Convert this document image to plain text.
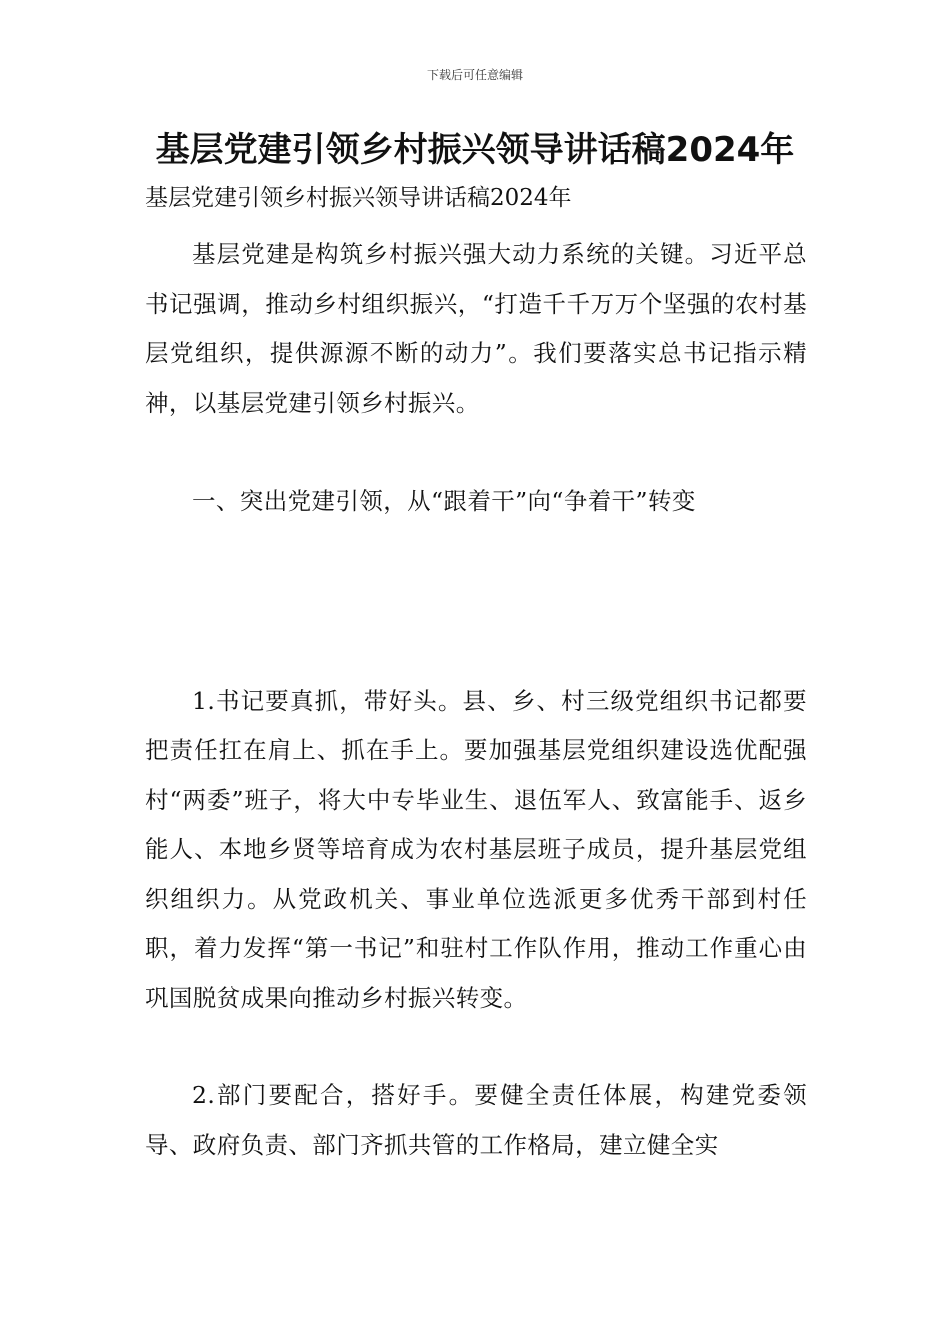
下载后可任意编辑
基层党建引领乡村振兴领导讲话稿2024年

基层党建引领乡村振兴领导讲话稿2024年

基层党建是构筑乡村振兴强大动力系统的关键。习近平总书记强调，推动乡村组织振兴，“打造千千万万个坚强的农村基层党组织，提供源源不断的动力”。我们要落实总书记指示精神，以基层党建引领乡村振兴。

一、突出党建引领，从“跟着干”向“争着干”转变

1.书记要真抓，带好头。县、乡、村三级党组织书记都要把责任扛在肩上、抓在手上。要加强基层党组织建设选优配强村“两委”班子，将大中专毕业生、退伍军人、致富能手、返乡能人、本地乡贤等培育成为农村基层班子成员，提升基层党组织组织力。从党政机关、事业单位选派更多优秀干部到村任职，着力发挥“第一书记”和驻村工作队作用，推动工作重心由巩国脱贫成果向推动乡村振兴转变。

2.部门要配合，搭好手。要健全责任体展，构建党委领导、政府负责、部门齐抓共管的工作格局，建立健全实
